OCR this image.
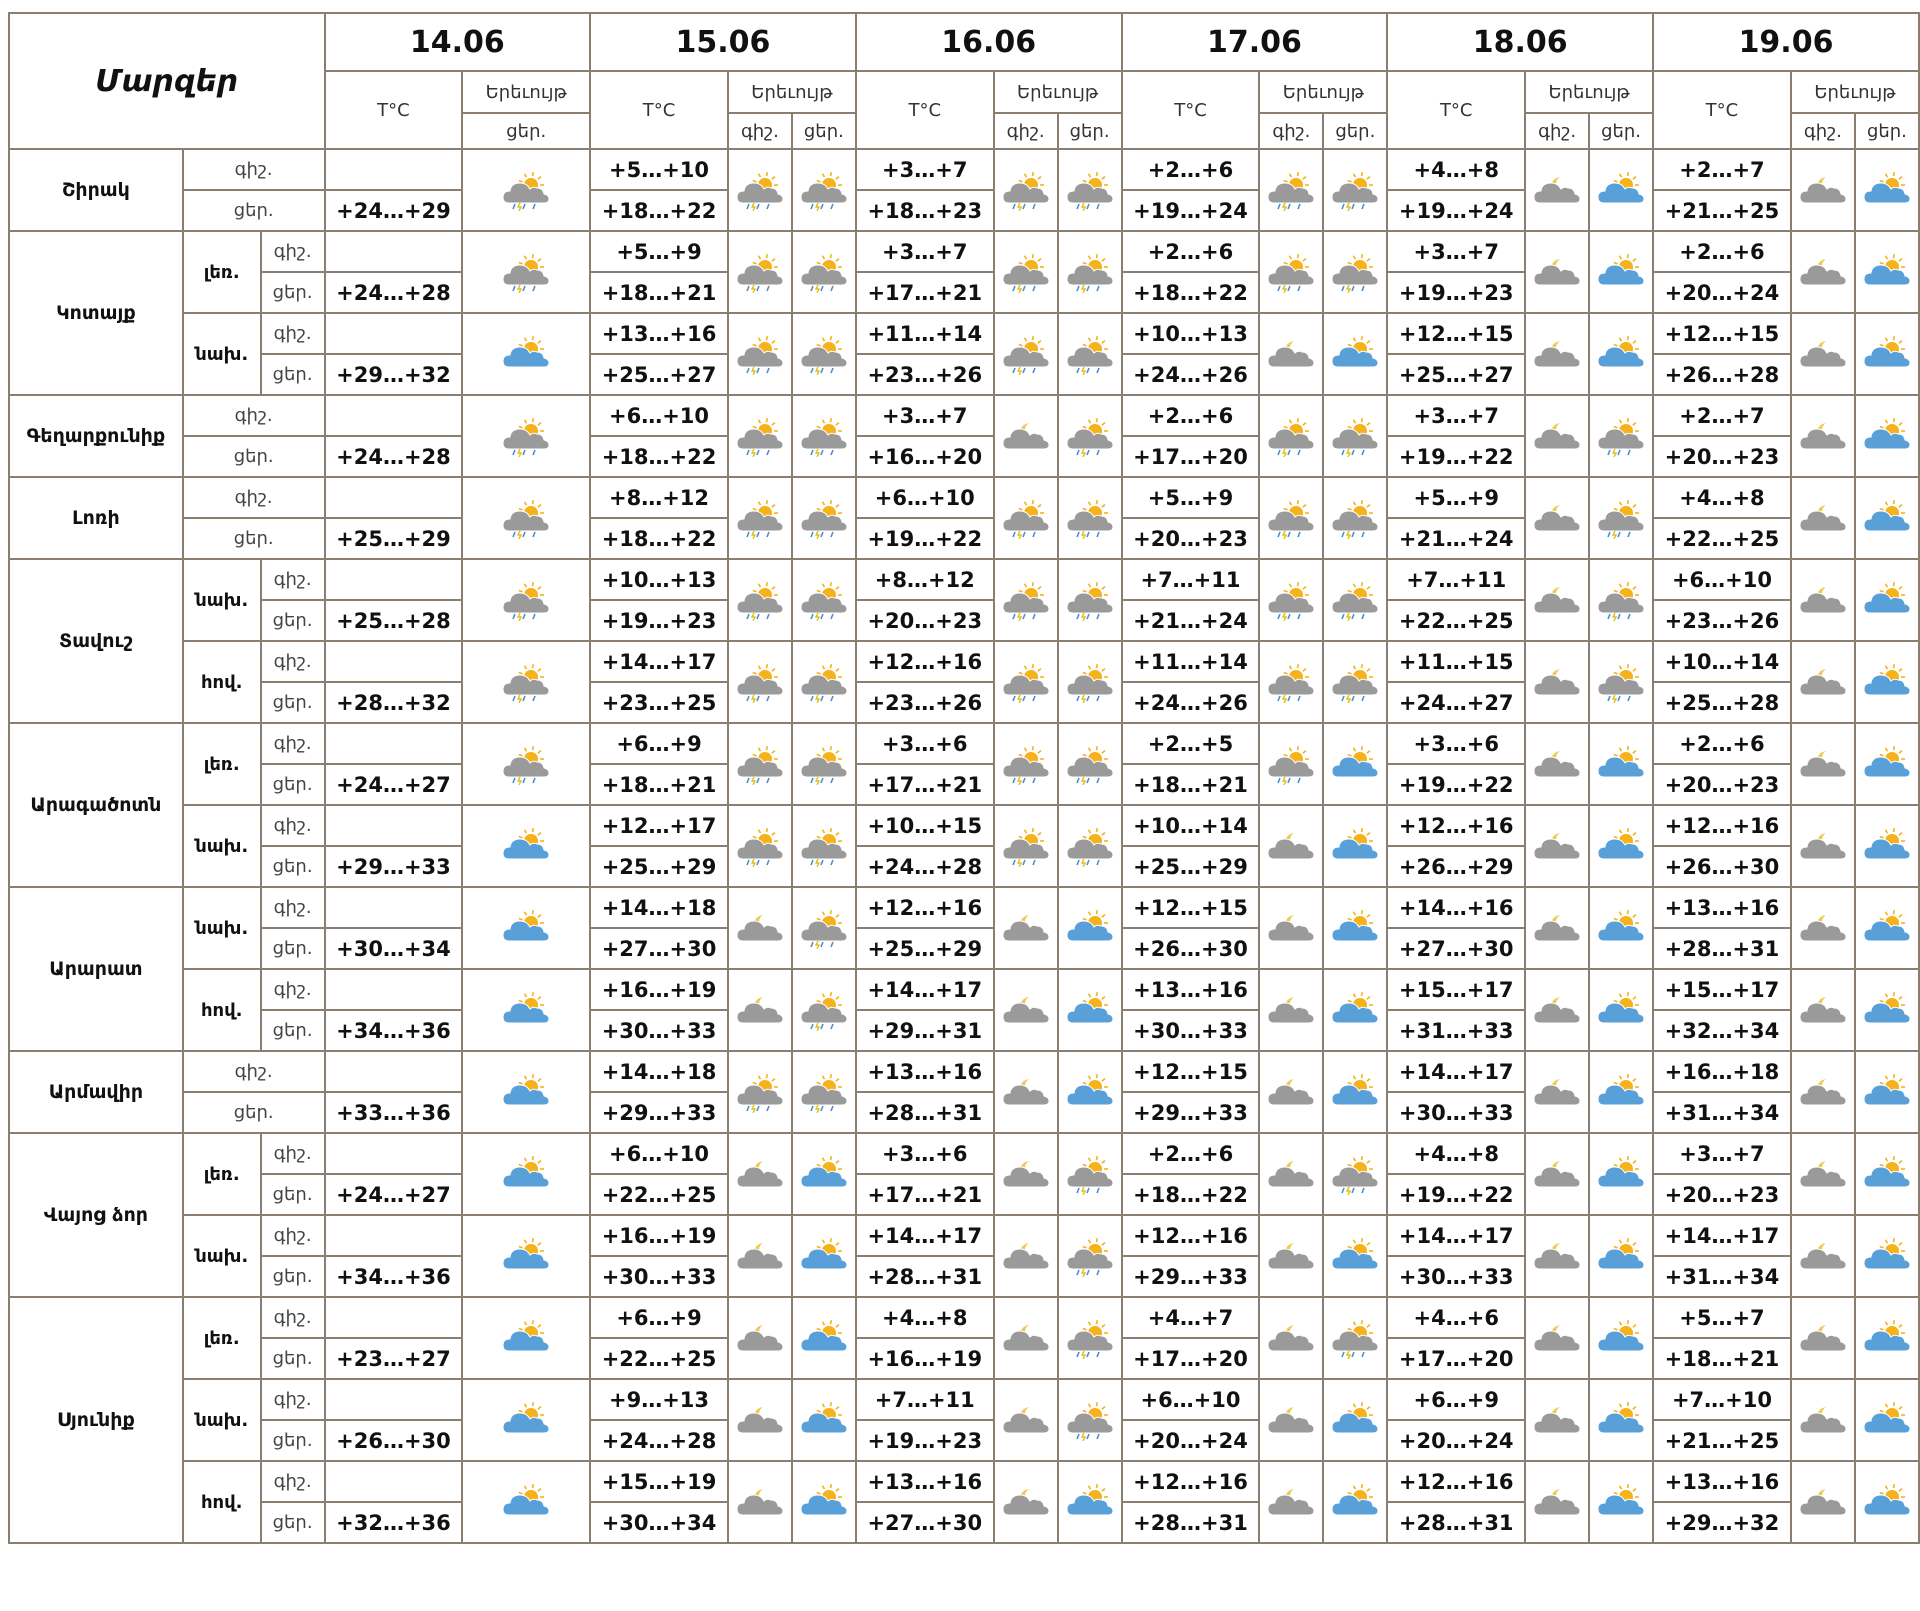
Մարզեր			14.06		15.06			16.06			17.06			18.06			19.06		
			T°C	Երեւույթ	T°C	Երեւույթ		T°C	Երեւույթ		T°C	Երեւույթ		T°C	Երեւույթ		T°C	Երեւույթ	
				ցեր.		գիշ.	ցեր.		գիշ.	ցեր.		գիշ.	ցեր.		գիշ.	ցեր.		գիշ.	ցեր.
Շիրակ	գիշ.				+5…+10			+3…+7			+2…+6			+4…+8			+2…+7	

	ցեր.		+24…+29		+18…+22			+18…+23			+19…+24			+19…+24			+21…+25		
Կոտայք	լեռ.	գիշ.			+5…+9			+3…+7			+2…+6			+3…+7			+2…+6	

		ցեր.	+24…+28		+18…+21			+17…+21			+18…+22			+19…+23			+20…+24		
	նախ.	գիշ.			+13…+16			+11…+14			+10…+13			+12…+15			+12…+15	

		ցեր.	+29…+32		+25…+27			+23…+26			+24…+26			+25…+27			+26…+28		
Գեղարքունիք	գիշ.				+6…+10			+3…+7			+2…+6			+3…+7			+2…+7	

	ցեր.		+24…+28		+18…+22			+16…+20			+17…+20			+19…+22			+20…+23		
Լոռի	գիշ.				+8…+12			+6…+10			+5…+9			+5…+9			+4…+8	

	ցեր.		+25…+29		+18…+22			+19…+22			+20…+23			+21…+24			+22…+25		
Տավուշ	նախ.	գիշ.			+10…+13			+8…+12			+7…+11			+7…+11			+6…+10	

		ցեր.	+25…+28		+19…+23			+20…+23			+21…+24			+22…+25			+23…+26		
	հով.	գիշ.			+14…+17			+12…+16			+11…+14			+11…+15			+10…+14	

		ցեր.	+28…+32		+23…+25			+23…+26			+24…+26			+24…+27			+25…+28		
Արագածոտն	լեռ.	գիշ.			+6…+9			+3…+6			+2…+5			+3…+6			+2…+6	

		ցեր.	+24…+27		+18…+21			+17…+21			+18…+21			+19…+22			+20…+23		
	նախ.	գիշ.			+12…+17			+10…+15			+10…+14			+12…+16			+12…+16	

		ցեր.	+29…+33		+25…+29			+24…+28			+25…+29			+26…+29			+26…+30		
Արարատ	նախ.	գիշ.			+14…+18			+12…+16			+12…+15			+14…+16			+13…+16	

		ցեր.	+30…+34		+27…+30			+25…+29			+26…+30			+27…+30			+28…+31		
	հով.	գիշ.			+16…+19			+14…+17			+13…+16			+15…+17			+15…+17	

		ցեր.	+34…+36		+30…+33			+29…+31			+30…+33			+31…+33			+32…+34		
Արմավիր	գիշ.				+14…+18			+13…+16			+12…+15			+14…+17			+16…+18	

	ցեր.		+33…+36		+29…+33			+28…+31			+29…+33			+30…+33			+31…+34		
Վայոց ձոր	լեռ.	գիշ.			+6…+10			+3…+6			+2…+6			+4…+8			+3…+7	

		ցեր.	+24…+27		+22…+25			+17…+21			+18…+22			+19…+22			+20…+23		
	նախ.	գիշ.			+16…+19			+14…+17			+12…+16			+14…+17			+14…+17	

		ցեր.	+34…+36		+30…+33			+28…+31			+29…+33			+30…+33			+31…+34		
Սյունիք	լեռ.	գիշ.			+6…+9			+4…+8			+4…+7			+4…+6			+5…+7	

		ցեր.	+23…+27		+22…+25			+16…+19			+17…+20			+17…+20			+18…+21		
	նախ.	գիշ.			+9…+13			+7…+11			+6…+10			+6…+9			+7…+10	

		ցեր.	+26…+30		+24…+28			+19…+23			+20…+24			+20…+24			+21…+25		
	հով.	գիշ.			+15…+19			+13…+16			+12…+16			+12…+16			+13…+16	

		ցեր.	+32…+36		+30…+34			+27…+30			+28…+31			+28…+31			+29…+32		
